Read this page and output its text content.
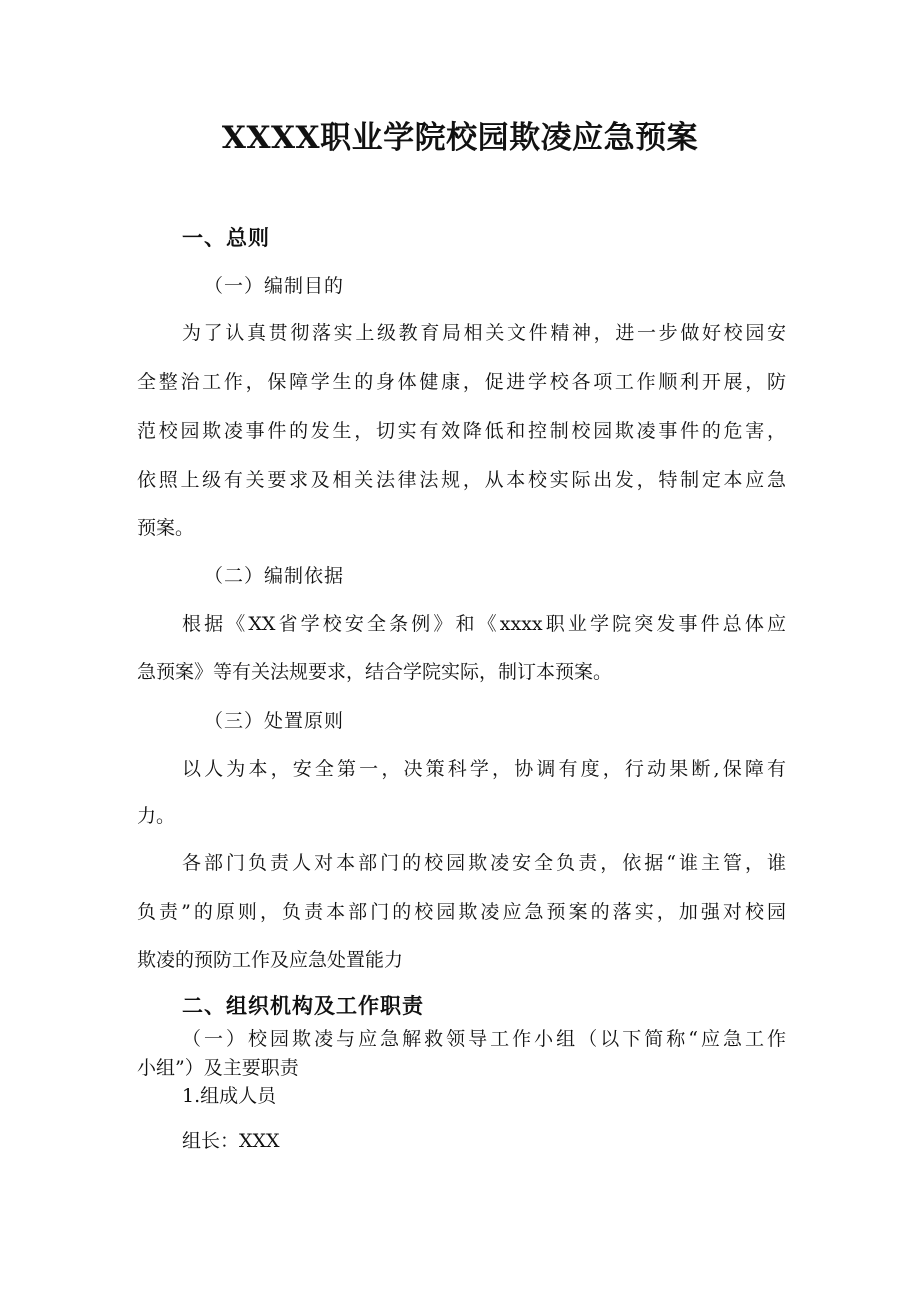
XXXX职业学院校园欺凌应急预案
一、总则
（一）编制目的
为了认真贯彻落实上级教育局相关文件精神，进一步做好校园安
全整治工作，保障学生的身体健康，促进学校各项工作顺利开展，防
范校园欺凌事件的发生，切实有效降低和控制校园欺凌事件的危害，
依照上级有关要求及相关法律法规，从本校实际出发，特制定本应急
预案。
（二）编制依据
根据《XX省学校安全条例》和《xxxx职业学院突发事件总体应
急预案》等有关法规要求，结合学院实际，制订本预案。
（三）处置原则
以人为本，安全第一，决策科学，协调有度，行动果断,保障有
力。
各部门负责人对本部门的校园欺凌安全负责，依据“谁主管，谁
负责”的原则，负责本部门的校园欺凌应急预案的落实，加强对校园
欺凌的预防工作及应急处置能力
二、组织机构及工作职责
（一）校园欺凌与应急解救领导工作小组（以下简称“应急工作
小组”）及主要职责
1.组成人员
组长：XXX
